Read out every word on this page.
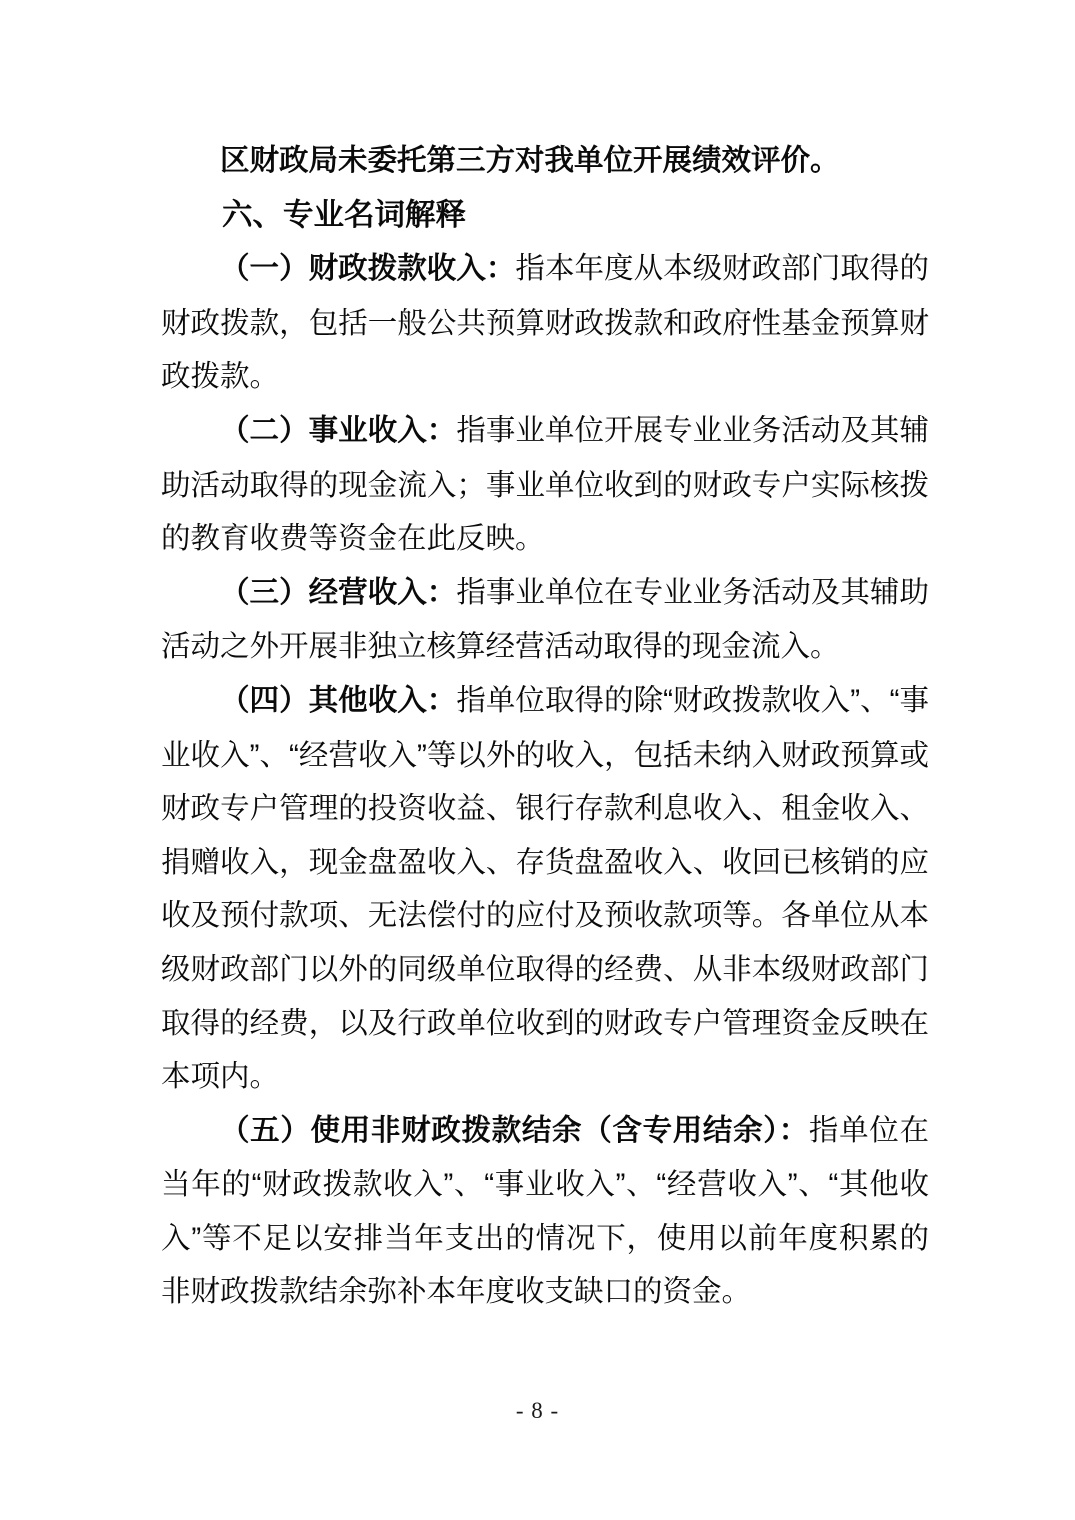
区财政局未委托第三方对我单位开展绩效评价。

六、专业名词解释

（一）财政拨款收入：指本年度从本级财政部门取得的财政拨款，包括一般公共预算财政拨款和政府性基金预算财政拨款。

（二）事业收入：指事业单位开展专业业务活动及其辅助活动取得的现金流入；事业单位收到的财政专户实际核拨的教育收费等资金在此反映。

（三）经营收入：指事业单位在专业业务活动及其辅助活动之外开展非独立核算经营活动取得的现金流入。

（四）其他收入：指单位取得的除“财政拨款收入”、“事业收入”、“经营收入”等以外的收入，包括未纳入财政预算或财政专户管理的投资收益、银行存款利息收入、租金收入、捐赠收入，现金盘盈收入、存货盘盈收入、收回已核销的应收及预付款项、无法偿付的应付及预收款项等。各单位从本级财政部门以外的同级单位取得的经费、从非本级财政部门取得的经费，以及行政单位收到的财政专户管理资金反映在本项内。

（五）使用非财政拨款结余（含专用结余）：指单位在当年的“财政拨款收入”、“事业收入”、“经营收入”、“其他收入”等不足以安排当年支出的情况下，使用以前年度积累的非财政拨款结余弥补本年度收支缺口的资金。

- 8 -
